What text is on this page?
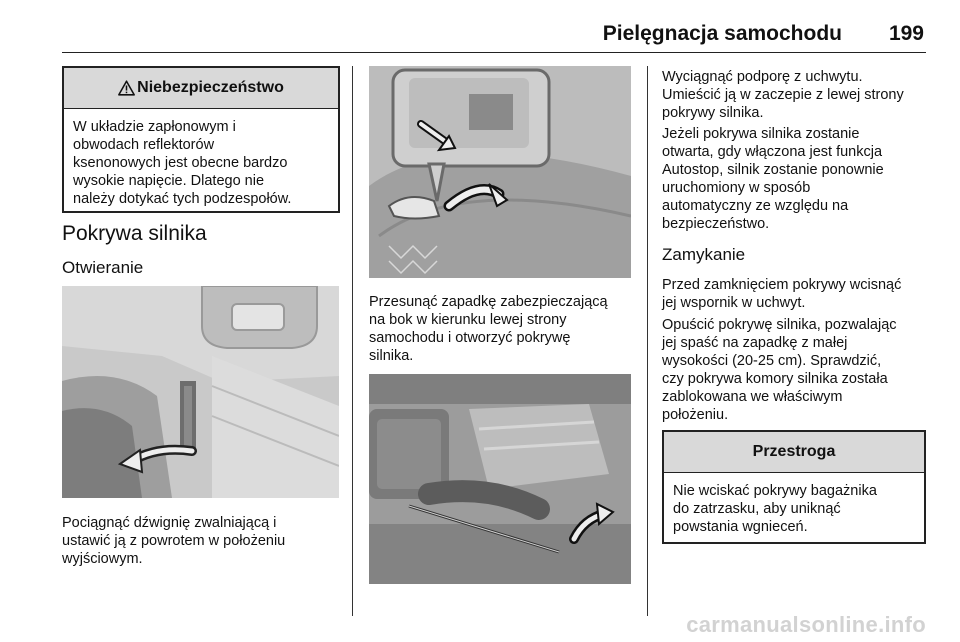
Pielęgnacja samochodu 199
Niebezpieczeństwo
W układzie zapłonowym i
obwodach reflektorów
ksenonowych jest obecne bardzo
wysokie napięcie. Dlatego nie
należy dotykać tych podzespołów.
Pokrywa silnika
Otwieranie
Pociągnąć dźwignię zwalniającą i
ustawić ją z powrotem w położeniu
wyjściowym.
Przesunąć zapadkę zabezpieczającą
na bok w kierunku lewej strony
samochodu i otworzyć pokrywę
silnika.
Wyciągnąć podporę z uchwytu.
Umieścić ją w zaczepie z lewej strony
pokrywy silnika.
Jeżeli pokrywa silnika zostanie
otwarta, gdy włączona jest funkcja
Autostop, silnik zostanie ponownie
uruchomiony w sposób
automatyczny ze względu na
bezpieczeństwo.
Zamykanie
Przed zamknięciem pokrywy wcisnąć
jej wspornik w uchwyt.
Opuścić pokrywę silnika, pozwalając
jej spaść na zapadkę z małej
wysokości (20-25 cm). Sprawdzić,
czy pokrywa komory silnika została
zablokowana we właściwym
położeniu.
Przestroga
Nie wciskać pokrywy bagażnika
do zatrzasku, aby uniknąć
powstania wgnieceń.
carmanualsonline.info
